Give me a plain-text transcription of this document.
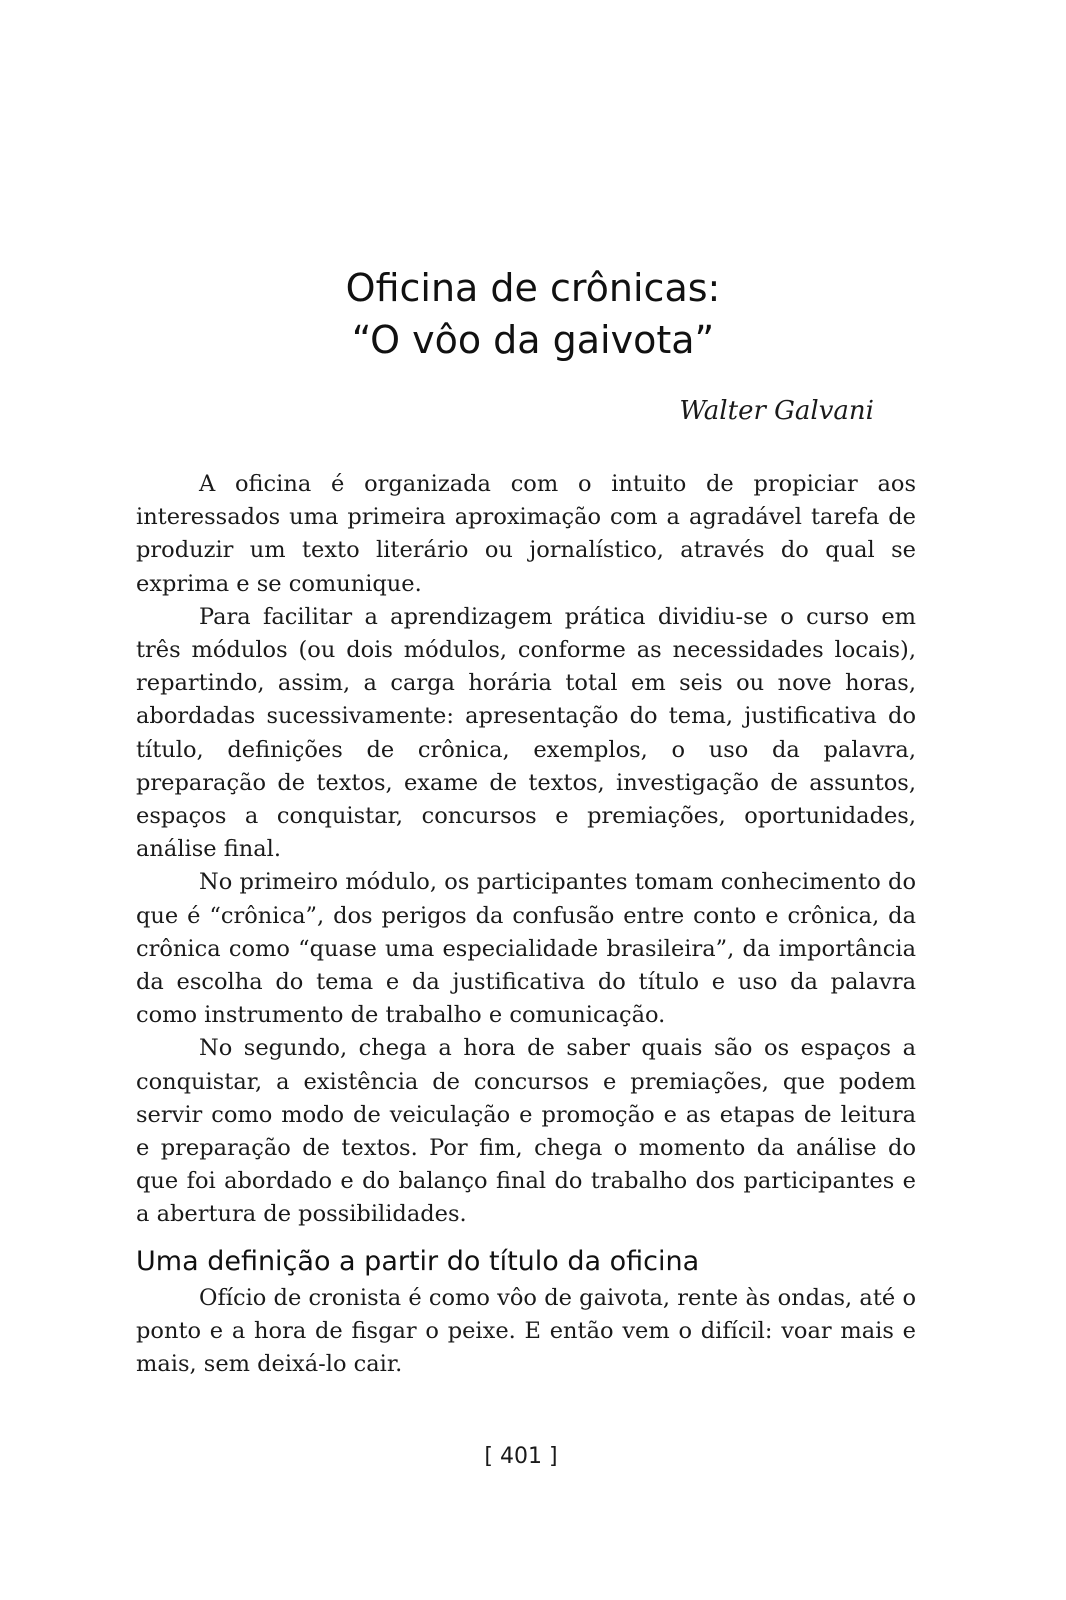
Oficina de crônicas:
“O vôo da gaivota”
Walter Galvani

A oficina é organizada com o intuito de propiciar aos interessados uma primeira aproximação com a agradável tarefa de produzir um texto literário ou jornalístico, através do qual se exprima e se comunique.

Para facilitar a aprendizagem prática dividiu-se o curso em três módulos (ou dois módulos, conforme as necessidades locais), repartindo, assim, a carga horária total em seis ou nove horas, abordadas sucessivamente: apresentação do tema, justificativa do título, definições de crônica, exemplos, o uso da palavra, preparação de textos, exame de textos, investigação de assuntos, espaços a conquistar, concursos e premiações, oportunidades, análise final.

No primeiro módulo, os participantes tomam conhecimento do que é “crônica”, dos perigos da confusão entre conto e crônica, da crônica como “quase uma especialidade brasileira”, da importância da escolha do tema e da justificativa do título e uso da palavra como instrumento de trabalho e comunicação.

No segundo, chega a hora de saber quais são os espaços a conquistar, a existência de concursos e premiações, que podem servir como modo de veiculação e promoção e as etapas de leitura e preparação de textos. Por fim, chega o momento da análise do que foi abordado e do balanço final do trabalho dos participantes e a abertura de possibilidades.

Uma definição a partir do título da oficina

Ofício de cronista é como vôo de gaivota, rente às ondas, até o ponto e a hora de fisgar o peixe. E então vem o difícil: voar mais e mais, sem deixá-lo cair.

[ 401 ]
